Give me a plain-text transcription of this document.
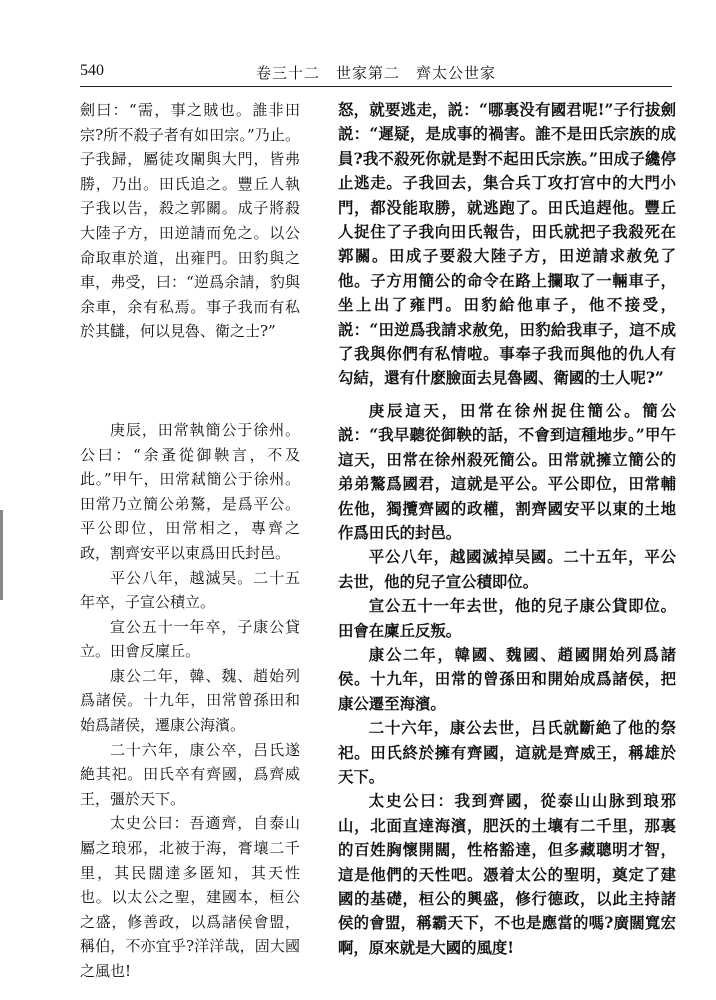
540	卷三十二　世家第二　齊太公世家

劍曰：“需，事之賊也。誰非田宗?所不殺子者有如田宗。”乃止。子我歸，屬徒攻闈與大門，皆弗勝，乃出。田氏追之。豐丘人執子我以告，殺之郭關。成子將殺大陸子方，田逆請而免之。以公命取車於道，出雍門。田豹與之車，弗受，曰：“逆爲余請，豹與余車，余有私焉。事子我而有私於其讎，何以見魯、衛之士?”

庚辰，田常執簡公于徐州。公曰：“余蚤從御鞅言，不及此。”甲午，田常弒簡公于徐州。田常乃立簡公弟驁，是爲平公。平公即位，田常相之，專齊之政，割齊安平以東爲田氏封邑。

平公八年，越滅吴。二十五年卒，子宣公積立。

宣公五十一年卒，子康公貸立。田會反廩丘。

康公二年，韓、魏、趙始列爲諸侯。十九年，田常曾孫田和始爲諸侯，遷康公海濱。

二十六年，康公卒，吕氏遂絶其祀。田氏卒有齊國，爲齊威王，彊於天下。

太史公曰：吾適齊，自泰山屬之琅邪，北被于海，膏壤二千里，其民闊達多匿知，其天性也。以太公之聖，建國本，桓公之盛，修善政，以爲諸侯會盟，稱伯，不亦宜乎?洋洋哉，固大國之風也!

怒，就要逃走，説：“哪裏没有國君呢!”子行拔劍説：“遲疑，是成事的禍害。誰不是田氏宗族的成員?我不殺死你就是對不起田氏宗族。”田成子纔停止逃走。子我回去，集合兵丁攻打宫中的大門小門，都没能取勝，就逃跑了。田氏追趕他。豐丘人捉住了子我向田氏報告，田氏就把子我殺死在郭關。田成子要殺大陸子方，田逆請求赦免了他。子方用簡公的命令在路上攔取了一輛車子，坐上出了雍門。田豹給他車子，他不接受，説：“田逆爲我請求赦免，田豹給我車子，這不成了我與你們有私情啦。事奉子我而與他的仇人有勾結，還有什麽臉面去見魯國、衛國的士人呢?”

庚辰這天，田常在徐州捉住簡公。簡公説：“我早聽從御鞅的話，不會到這種地步。”甲午這天，田常在徐州殺死簡公。田常就擁立簡公的弟弟驁爲國君，這就是平公。平公即位，田常輔佐他，獨攬齊國的政權，割齊國安平以東的土地作爲田氏的封邑。

平公八年，越國滅掉吴國。二十五年，平公去世，他的兒子宣公積即位。

宣公五十一年去世，他的兒子康公貸即位。田會在廩丘反叛。

康公二年，韓國、魏國、趙國開始列爲諸侯。十九年，田常的曾孫田和開始成爲諸侯，把康公遷至海濱。

二十六年，康公去世，吕氏就斷絶了他的祭祀。田氏終於擁有齊國，這就是齊威王，稱雄於天下。

太史公曰：我到齊國，從泰山山脉到琅邪山，北面直達海濱，肥沃的土壤有二千里，那裏的百姓胸懷開闊，性格豁達，但多藏聰明才智，這是他們的天性吧。憑着太公的聖明，奠定了建國的基礎，桓公的興盛，修行德政，以此主持諸侯的會盟，稱霸天下，不也是應當的嗎?廣闊寬宏啊，原來就是大國的風度!
